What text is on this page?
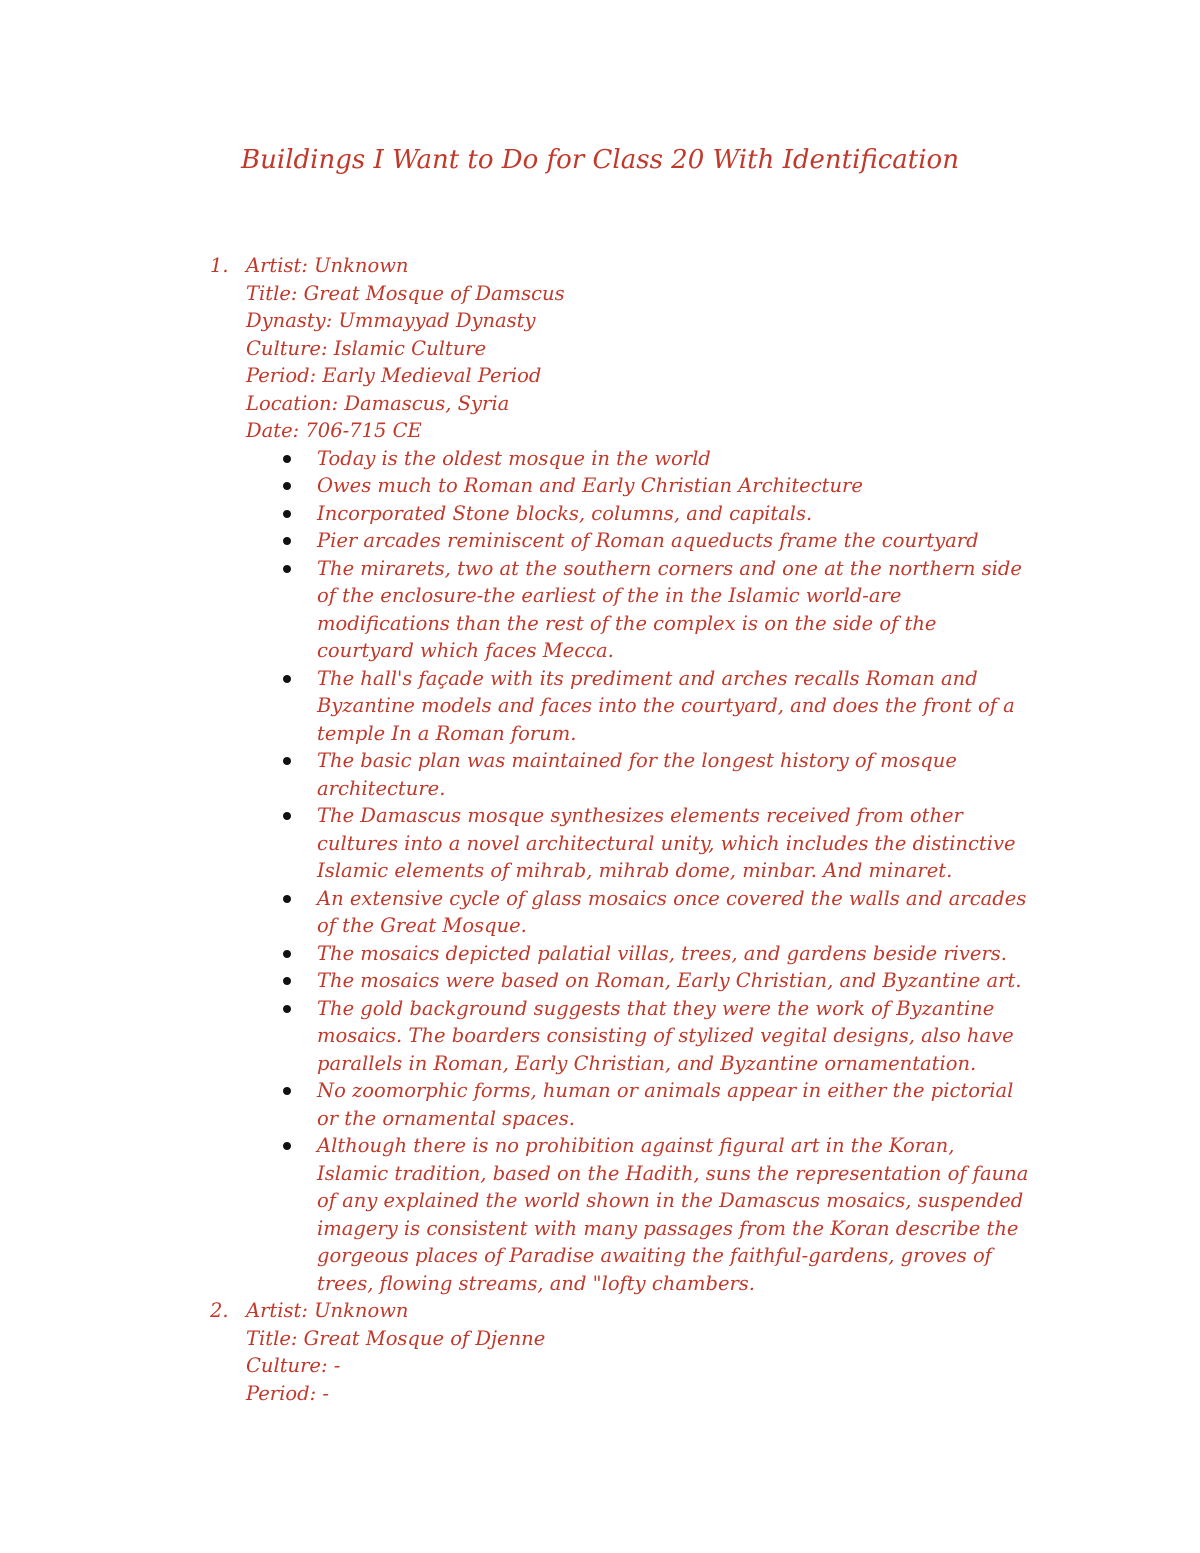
Buildings I Want to Do for Class 20 With Identification
1. Artist: Unknown
Title: Great Mosque of Damscus
Dynasty: Ummayyad Dynasty
Culture: Islamic Culture
Period: Early Medieval Period
Location: Damascus, Syria
Date: 706-715 CE
Today is the oldest mosque in the world
Owes much to Roman and Early Christian Architecture
Incorporated Stone blocks, columns, and capitals.
Pier arcades reminiscent of Roman aqueducts frame the courtyard
The mirarets, two at the southern corners and one at the northern side of the enclosure-the earliest of the in the Islamic world-are modifications than the rest of the complex is on the side of the courtyard which faces Mecca.
The hall's façade with its prediment and arches recalls Roman and Byzantine models and faces into the courtyard, and does the front of a temple In a Roman forum.
The basic plan was maintained for the longest history of mosque architecture.
The Damascus mosque synthesizes elements received from other cultures into a novel architectural unity, which includes the distinctive Islamic elements of mihrab, mihrab dome, minbar. And minaret.
An extensive cycle of glass mosaics once covered the walls and arcades of the Great Mosque.
The mosaics depicted palatial villas, trees, and gardens beside rivers.
The mosaics were based on Roman, Early Christian, and Byzantine art.
The gold background suggests that they were the work of Byzantine mosaics. The boarders consisting of stylized vegital designs, also have parallels in Roman, Early Christian, and Byzantine ornamentation.
No zoomorphic forms, human or animals appear in either the pictorial or the ornamental spaces.
Although there is no prohibition against figural art in the Koran, Islamic tradition, based on the Hadith, suns the representation of fauna of any explained the world shown in the Damascus mosaics, suspended imagery is consistent with many passages from the Koran describe the gorgeous places of Paradise awaiting the faithful-gardens, groves of trees, flowing streams, and "lofty chambers.
2. Artist: Unknown
Title: Great Mosque of Djenne
Culture: -
Period: -
